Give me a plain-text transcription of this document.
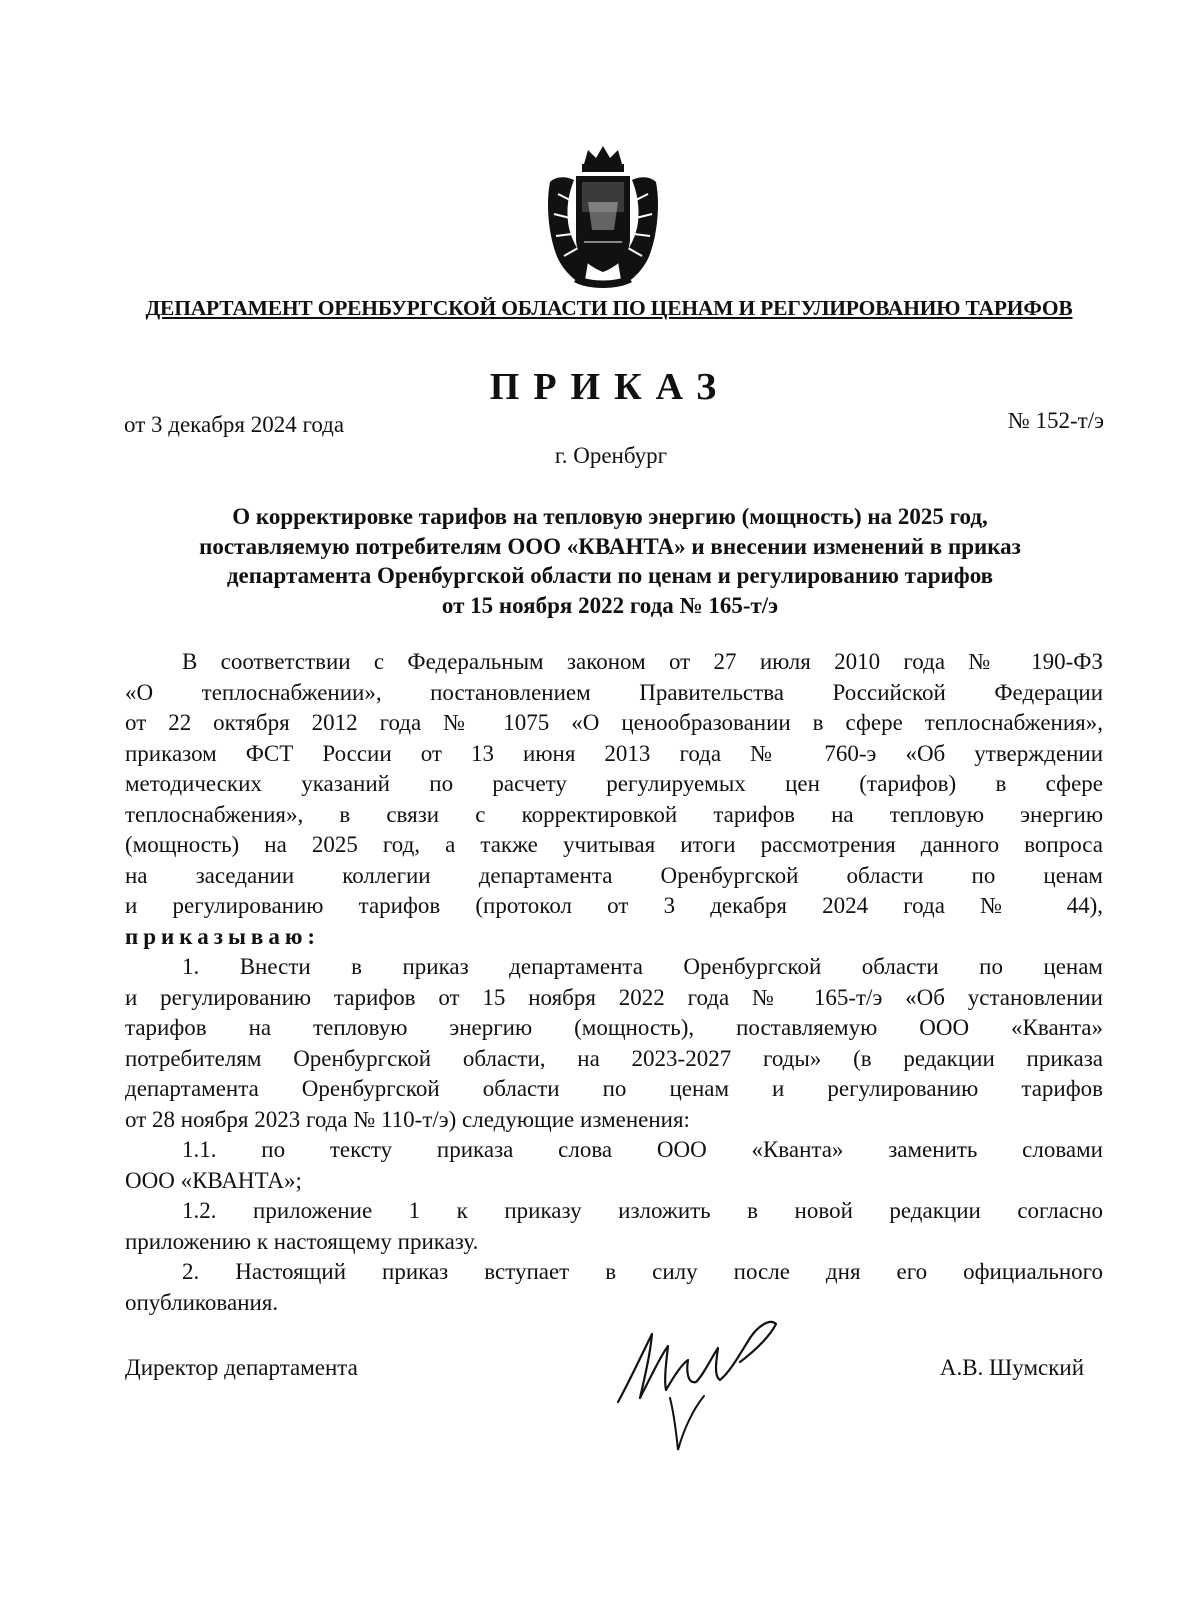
ДЕПАРТАМЕНТ ОРЕНБУРГСКОЙ ОБЛАСТИ ПО ЦЕНАМ И РЕГУЛИРОВАНИЮ ТАРИФОВ
ПРИКАЗ
от 3 декабря 2024 года	№ 152-т/э
г. Оренбург
О корректировке тарифов на тепловую энергию (мощность) на 2025 год,
поставляемую потребителям ООО «КВАНТА» и внесении изменений в приказ
департамента Оренбургской области по ценам и регулированию тарифов
от 15 ноября 2022 года № 165-т/э
В соответствии с Федеральным законом от 27 июля 2010 года № 190-ФЗ
«О теплоснабжении», постановлением Правительства Российской Федерации
от 22 октября 2012 года № 1075 «О ценообразовании в сфере теплоснабжения»,
приказом ФСТ России от 13 июня 2013 года № 760-э «Об утверждении
методических указаний по расчету регулируемых цен (тарифов) в сфере
теплоснабжения», в связи с корректировкой тарифов на тепловую энергию
(мощность) на 2025 год, а также учитывая итоги рассмотрения данного вопроса
на заседании коллегии департамента Оренбургской области по ценам
и регулированию тарифов (протокол от 3 декабря 2024 года № 44),
приказываю:
1. Внести в приказ департамента Оренбургской области по ценам
и регулированию тарифов от 15 ноября 2022 года № 165-т/э «Об установлении
тарифов на тепловую энергию (мощность), поставляемую ООО «Кванта»
потребителям Оренбургской области, на 2023-2027 годы» (в редакции приказа
департамента Оренбургской области по ценам и регулированию тарифов
от 28 ноября 2023 года № 110-т/э) следующие изменения:
1.1. по тексту приказа слова ООО «Кванта» заменить словами
ООО «КВАНТА»;
1.2. приложение 1 к приказу изложить в новой редакции согласно
приложению к настоящему приказу.
2. Настоящий приказ вступает в силу после дня его официального
опубликования.
Директор департамента	А.В. Шумский
